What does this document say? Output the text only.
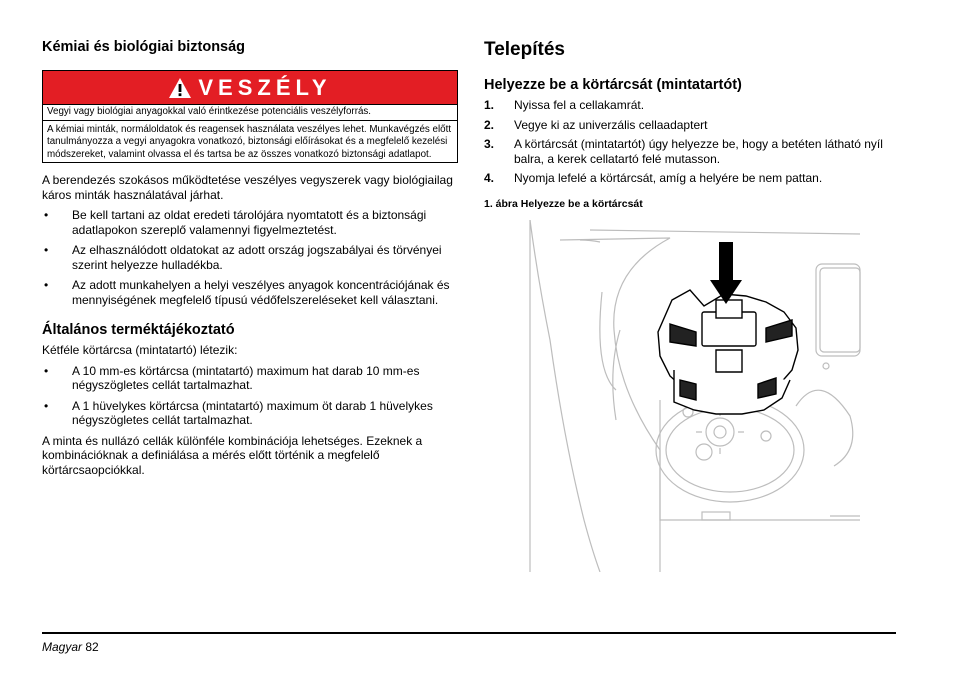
Kémiai és biológiai biztonság
VESZÉLY
Vegyi vagy biológiai anyagokkal való érintkezése potenciális veszélyforrás.
A kémiai minták, normáloldatok és reagensek használata veszélyes lehet. Munkavégzés előtt tanulmányozza a vegyi anyagokra vonatkozó, biztonsági előírásokat és a megfelelő kezelési módszereket, valamint olvassa el és tartsa be az összes vonatkozó biztonsági adatlapot.

A berendezés szokásos működtetése veszélyes vegyszerek vagy biológiailag káros minták használatával járhat.

• Be kell tartani az oldat eredeti tárolójára nyomtatott és a biztonsági adatlapokon szereplő valamennyi figyelmeztetést.
• Az elhasználódott oldatokat az adott ország jogszabályai és törvényei szerint helyezze hulladékba.
• Az adott munkahelyen a helyi veszélyes anyagok koncentrációjának és mennyiségének megfelelő típusú védőfelszereléseket kell választani.
Általános terméktájékoztató

Kétféle körtárcsa (mintatartó) létezik:

• A 10 mm-es körtárcsa (mintatartó) maximum hat darab 10 mm-es négyszögletes cellát tartalmazhat.
• A 1 hüvelykes körtárcsa (mintatartó) maximum öt darab 1 hüvelykes négyszögletes cellát tartalmazhat.

A minta és nullázó cellák különféle kombinációja lehetséges. Ezeknek a kombinációknak a definiálása a mérés előtt történik a megfelelő körtárcsaopciókkal.

Telepítés
Helyezze be a körtárcsát (mintatartót)
1. Nyissa fel a cellakamrát.
2. Vegye ki az univerzális cellaadaptert
3. A körtárcsát (mintatartót) úgy helyezze be, hogy a betéten látható nyíl balra, a kerek cellatartó felé mutasson.
4. Nyomja lefelé a körtárcsát, amíg a helyére be nem pattan.
1. ábra Helyezze be a körtárcsát
Magyar 82
